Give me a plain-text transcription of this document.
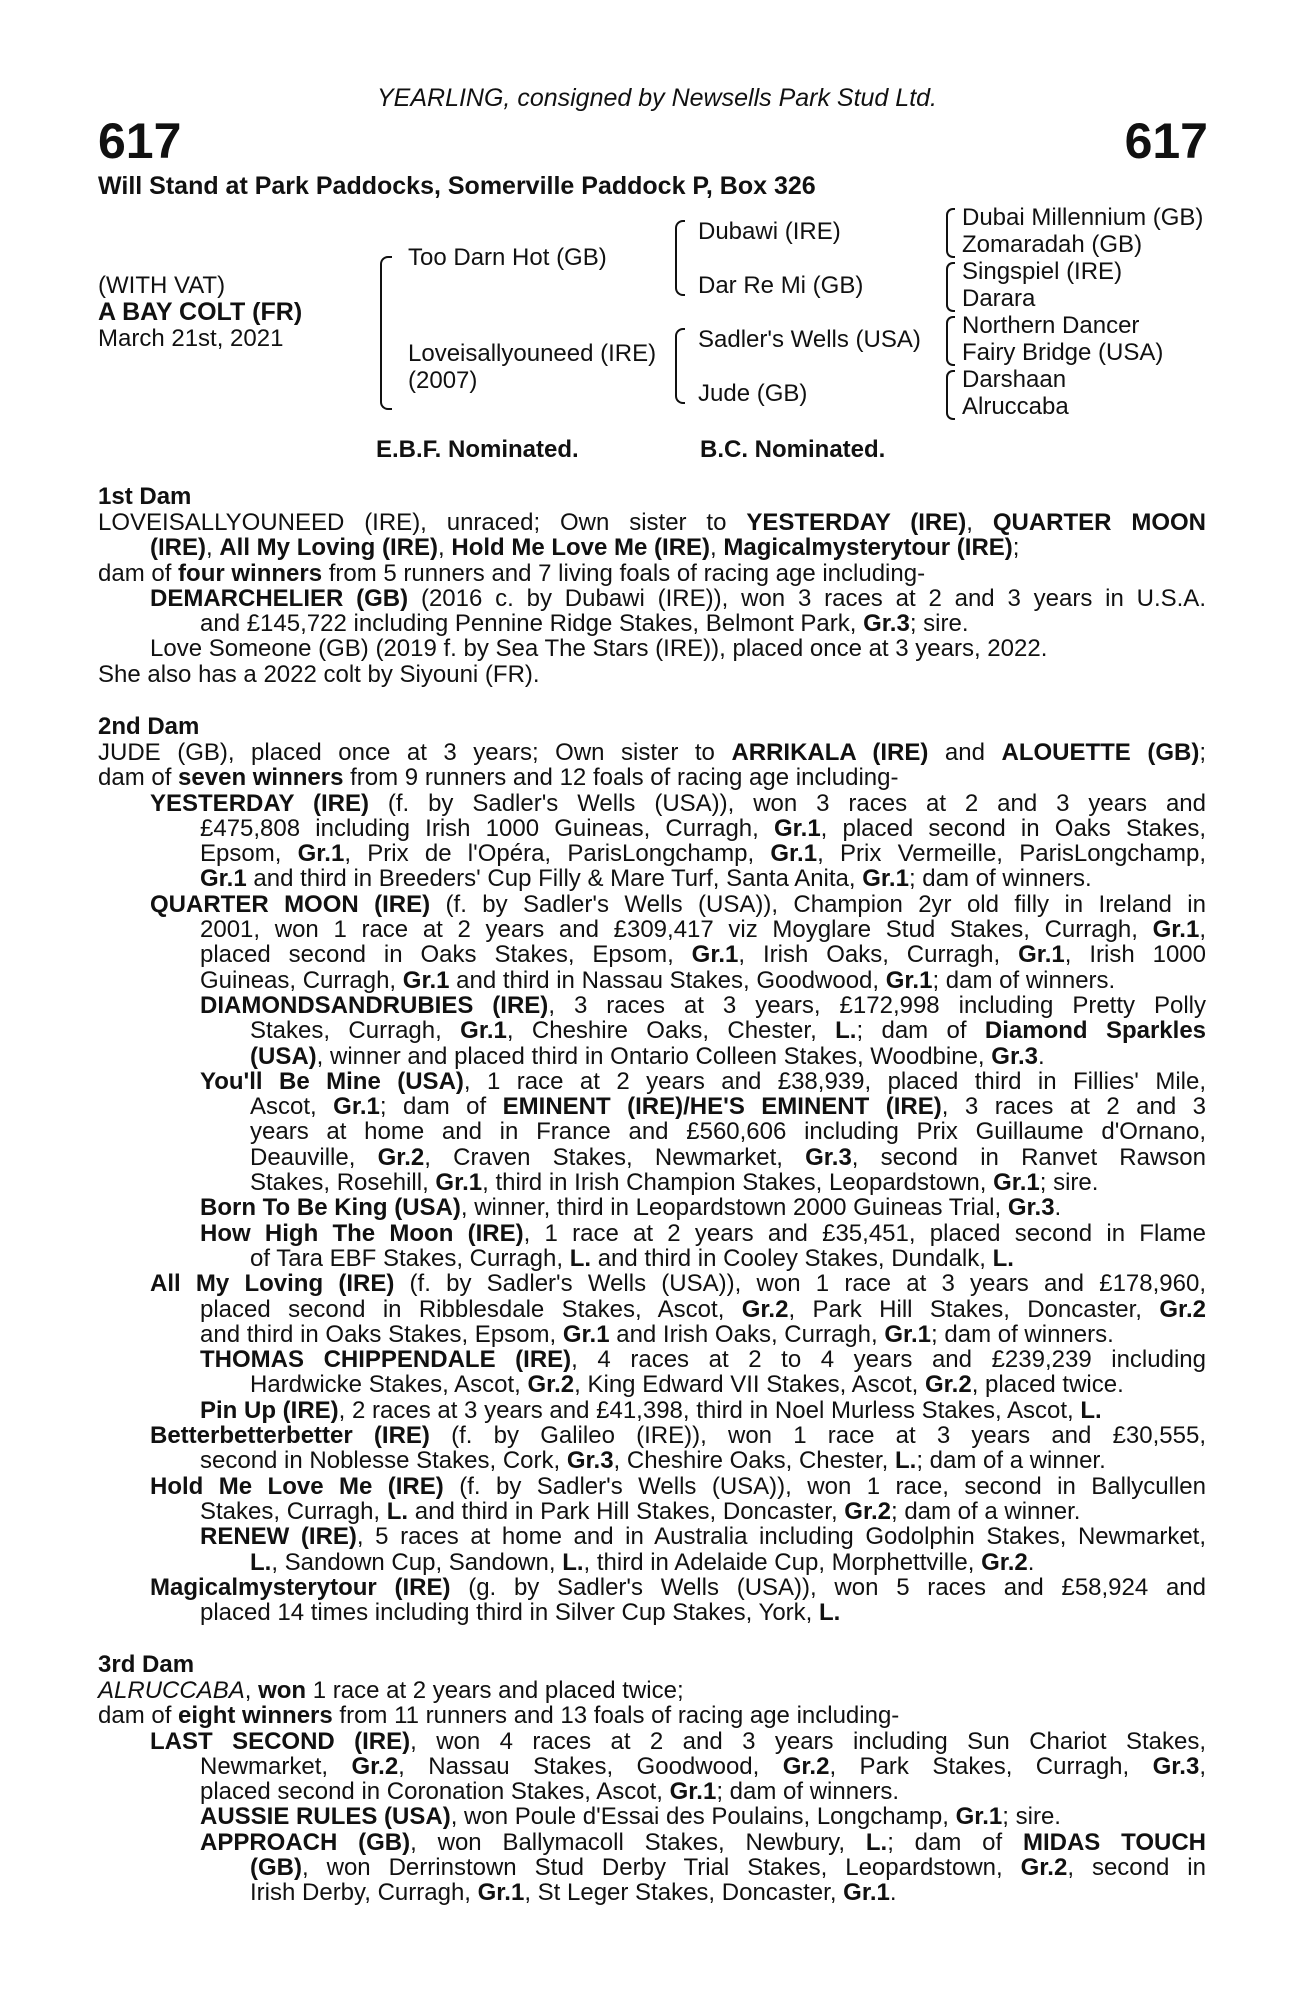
YEARLING, consigned by Newsells Park Stud Ltd.
617	617
Will Stand at Park Paddocks, Somerville Paddock P, Box 326
(WITH VAT)
A BAY COLT (FR)
March 21st, 2021
Too Darn Hot (GB)
Loveisallyouneed (IRE)
(2007)
Dubawi (IRE)
Dar Re Mi (GB)
Sadler's Wells (USA)
Jude (GB)
Dubai Millennium (GB)
Zomaradah (GB)
Singspiel (IRE)
Darara
Northern Dancer
Fairy Bridge (USA)
Darshaan
Alruccaba
E.B.F. Nominated.	B.C. Nominated.
1st Dam
LOVEISALLYOUNEED (IRE), unraced; Own sister to YESTERDAY (IRE), QUARTER MOON
(IRE), All My Loving (IRE), Hold Me Love Me (IRE), Magicalmysterytour (IRE);
dam of four winners from 5 runners and 7 living foals of racing age including-
DEMARCHELIER (GB) (2016 c. by Dubawi (IRE)), won 3 races at 2 and 3 years in U.S.A.
and £145,722 including Pennine Ridge Stakes, Belmont Park, Gr.3; sire.
Love Someone (GB) (2019 f. by Sea The Stars (IRE)), placed once at 3 years, 2022.
She also has a 2022 colt by Siyouni (FR).
2nd Dam
JUDE (GB), placed once at 3 years; Own sister to ARRIKALA (IRE) and ALOUETTE (GB);
dam of seven winners from 9 runners and 12 foals of racing age including-
YESTERDAY (IRE) (f. by Sadler's Wells (USA)), won 3 races at 2 and 3 years and
£475,808 including Irish 1000 Guineas, Curragh, Gr.1, placed second in Oaks Stakes,
Epsom, Gr.1, Prix de l'Opéra, ParisLongchamp, Gr.1, Prix Vermeille, ParisLongchamp,
Gr.1 and third in Breeders' Cup Filly & Mare Turf, Santa Anita, Gr.1; dam of winners.
QUARTER MOON (IRE) (f. by Sadler's Wells (USA)), Champion 2yr old filly in Ireland in
2001, won 1 race at 2 years and £309,417 viz Moyglare Stud Stakes, Curragh, Gr.1,
placed second in Oaks Stakes, Epsom, Gr.1, Irish Oaks, Curragh, Gr.1, Irish 1000
Guineas, Curragh, Gr.1 and third in Nassau Stakes, Goodwood, Gr.1; dam of winners.
DIAMONDSANDRUBIES (IRE), 3 races at 3 years, £172,998 including Pretty Polly
Stakes, Curragh, Gr.1, Cheshire Oaks, Chester, L.; dam of Diamond Sparkles
(USA), winner and placed third in Ontario Colleen Stakes, Woodbine, Gr.3.
You'll Be Mine (USA), 1 race at 2 years and £38,939, placed third in Fillies' Mile,
Ascot, Gr.1; dam of EMINENT (IRE)/HE'S EMINENT (IRE), 3 races at 2 and 3
years at home and in France and £560,606 including Prix Guillaume d'Ornano,
Deauville, Gr.2, Craven Stakes, Newmarket, Gr.3, second in Ranvet Rawson
Stakes, Rosehill, Gr.1, third in Irish Champion Stakes, Leopardstown, Gr.1; sire.
Born To Be King (USA), winner, third in Leopardstown 2000 Guineas Trial, Gr.3.
How High The Moon (IRE), 1 race at 2 years and £35,451, placed second in Flame
of Tara EBF Stakes, Curragh, L. and third in Cooley Stakes, Dundalk, L.
All My Loving (IRE) (f. by Sadler's Wells (USA)), won 1 race at 3 years and £178,960,
placed second in Ribblesdale Stakes, Ascot, Gr.2, Park Hill Stakes, Doncaster, Gr.2
and third in Oaks Stakes, Epsom, Gr.1 and Irish Oaks, Curragh, Gr.1; dam of winners.
THOMAS CHIPPENDALE (IRE), 4 races at 2 to 4 years and £239,239 including
Hardwicke Stakes, Ascot, Gr.2, King Edward VII Stakes, Ascot, Gr.2, placed twice.
Pin Up (IRE), 2 races at 3 years and £41,398, third in Noel Murless Stakes, Ascot, L.
Betterbetterbetter (IRE) (f. by Galileo (IRE)), won 1 race at 3 years and £30,555,
second in Noblesse Stakes, Cork, Gr.3, Cheshire Oaks, Chester, L.; dam of a winner.
Hold Me Love Me (IRE) (f. by Sadler's Wells (USA)), won 1 race, second in Ballycullen
Stakes, Curragh, L. and third in Park Hill Stakes, Doncaster, Gr.2; dam of a winner.
RENEW (IRE), 5 races at home and in Australia including Godolphin Stakes, Newmarket,
L., Sandown Cup, Sandown, L., third in Adelaide Cup, Morphettville, Gr.2.
Magicalmysterytour (IRE) (g. by Sadler's Wells (USA)), won 5 races and £58,924 and
placed 14 times including third in Silver Cup Stakes, York, L.
3rd Dam
ALRUCCABA, won 1 race at 2 years and placed twice;
dam of eight winners from 11 runners and 13 foals of racing age including-
LAST SECOND (IRE), won 4 races at 2 and 3 years including Sun Chariot Stakes,
Newmarket, Gr.2, Nassau Stakes, Goodwood, Gr.2, Park Stakes, Curragh, Gr.3,
placed second in Coronation Stakes, Ascot, Gr.1; dam of winners.
AUSSIE RULES (USA), won Poule d'Essai des Poulains, Longchamp, Gr.1; sire.
APPROACH (GB), won Ballymacoll Stakes, Newbury, L.; dam of MIDAS TOUCH
(GB), won Derrinstown Stud Derby Trial Stakes, Leopardstown, Gr.2, second in
Irish Derby, Curragh, Gr.1, St Leger Stakes, Doncaster, Gr.1.
